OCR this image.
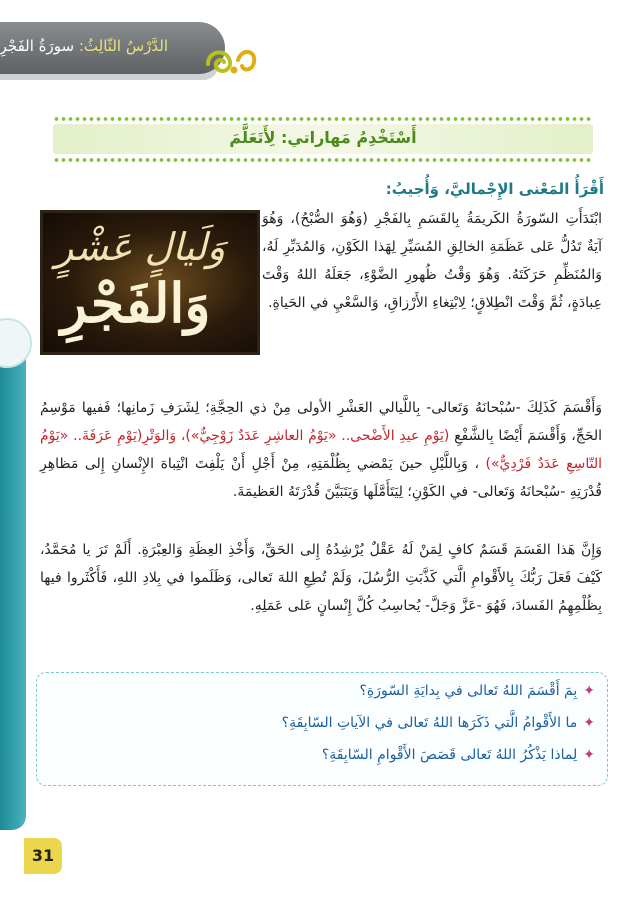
الدَّرْسُ الثّالِثُ: سورَةُ الفَجْرِ
أَسْتَخْدِمُ مَهاراتي: لِأَتَعَلَّمَ
أَقْرَأُ المَعْنى الإِجْماليَّ، وَأُجيبُ:
وَلَيالٍ عَشْرٍ
وَالفَجْرِ
ابْتَدَأَتِ السّورَةُ الكَريمَةُ بِالقَسَمِ بِالفَجْرِ (وَهُوَ الصُّبْحُ)، وَهُوَ آيَةٌ تَدُلُّ عَلى عَظَمَةِ الخالِقِ المُسَيِّرِ لِهَذا الكَوْنِ، وَالمُدَبِّرِ لَهُ، وَالمُنَظِّمِ حَرَكَتَهُ. وَهُوَ وَقْتُ ظُهورِ الضَّوْءِ، جَعَلَهُ اللهُ وَقْتَ عِبادَةٍ، ثُمَّ وَقْتَ انْطِلاقٍ؛ لِابْتِغاءِ الأَرْزاقِ، وَالسَّعْيِ في الحَياةِ.
وَأَقْسَمَ كَذَلِكَ -سُبْحانَهُ وَتَعالى- بِاللَّيالي العَشْرِ الأولى مِنْ ذي الحِجَّةِ؛ لِشَرَفِ زَمانِها؛ فَفيها مَوْسِمُ الحَجِّ، وَأَقْسَمَ أَيْضًا بِالشَّفْعِ (يَوْمِ عيدِ الأَضْحى.. «يَوْمُ العاشِرِ عَدَدٌ زَوْجِيٌّ»)، وَالوَتْرِ(يَوْمِ عَرَفَةَ.. «يَوْمُ التّاسِعِ عَدَدٌ فَرْدِيٌّ») ، وَبِاللَّيْلِ حينَ يَمْضي بِظُلْمَتِهِ، مِنْ أَجْلِ أَنْ يَلْفِتَ انْتِباهَ الإِنْسانِ إِلى مَظاهِرِ قُدْرَتِهِ -سُبْحانَهُ وَتَعالى- في الكَوْنِ؛ لِيَتَأَمَّلَها وَيَتَبَيَّنَ قُدْرَتَهُ العَظيمَةَ.
وَإِنَّ هَذا القَسَمَ قَسَمٌ كافٍ لِمَنْ لَهُ عَقْلٌ يُرْشِدُهُ إِلى الحَقِّ، وَأَخْذِ العِظَةِ وَالعِبْرَةِ. أَلَمْ تَرَ يا مُحَمَّدُ، كَيْفَ فَعَلَ رَبُّكَ بِالأَقْوامِ الَّتي كَذَّبَتِ الرُّسُلَ، وَلَمْ تُطِعِ اللهَ تَعالى، وَظَلَموا في بِلادِ اللهِ، فَأَكْثَروا فيها بِظُلْمِهِمُ الفَسادَ، فَهُوَ -عَزَّ وَجَلَّ- يُحاسِبُ كُلَّ إِنْسانٍ عَلى عَمَلِهِ.
✦بِمَ أَقْسَمَ اللهُ تَعالى في بِدايَةِ السّورَةِ؟
✦ما الأَقْوامُ الَّتي ذَكَرَها اللهُ تَعالى في الآياتِ السّابِقَةِ؟
✦لِماذا يَذْكُرُ اللهُ تَعالى قَصَصَ الأَقْوامِ السّابِقَةِ؟
31
